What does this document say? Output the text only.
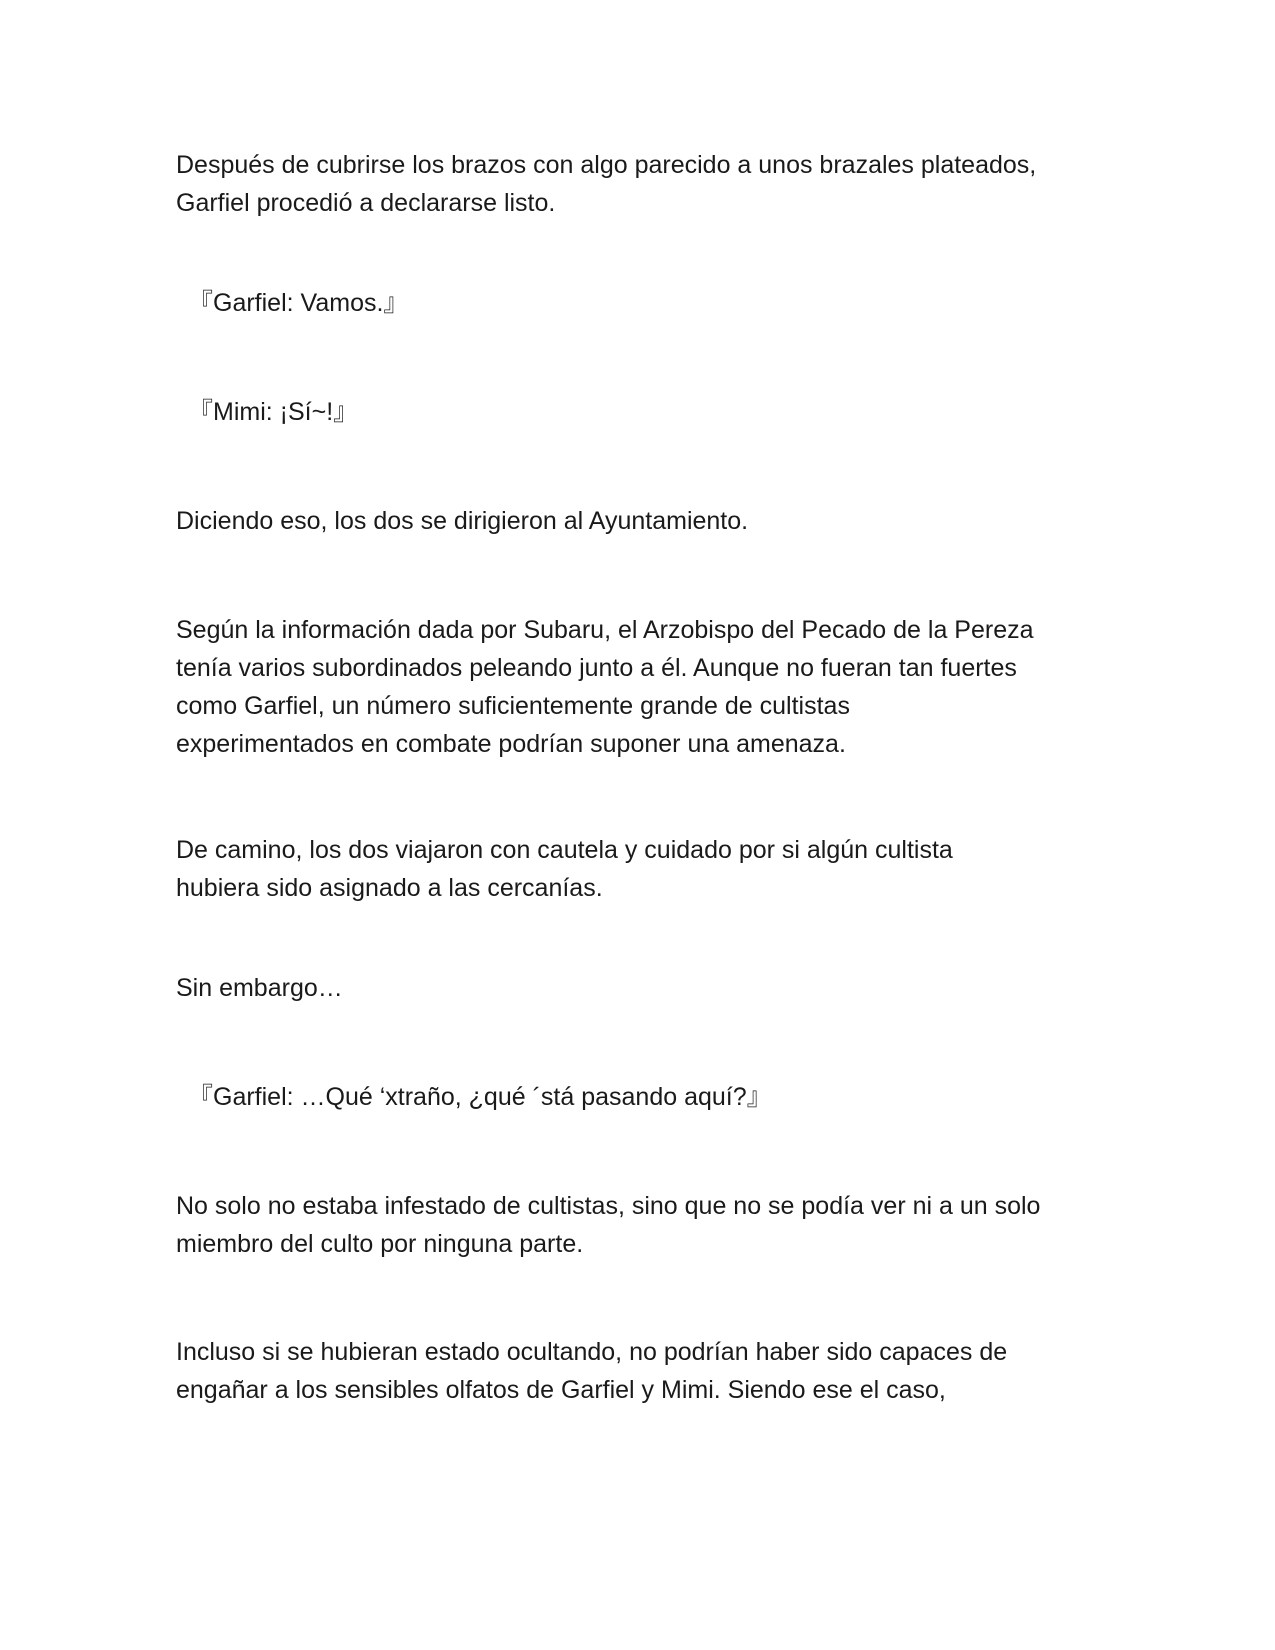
Después de cubrirse los brazos con algo parecido a unos brazales plateados,
Garfiel procedió a declararse listo.

『Garfiel: Vamos.』

『Mimi: ¡Sí~!』

Diciendo eso, los dos se dirigieron al Ayuntamiento.

Según la información dada por Subaru, el Arzobispo del Pecado de la Pereza
tenía varios subordinados peleando junto a él. Aunque no fueran tan fuertes
como Garfiel, un número suficientemente grande de cultistas
experimentados en combate podrían suponer una amenaza.

De camino, los dos viajaron con cautela y cuidado por si algún cultista
hubiera sido asignado a las cercanías.

Sin embargo…

『Garfiel: …Qué ‘xtraño, ¿qué ´stá pasando aquí?』

No solo no estaba infestado de cultistas, sino que no se podía ver ni a un solo
miembro del culto por ninguna parte.

Incluso si se hubieran estado ocultando, no podrían haber sido capaces de
engañar a los sensibles olfatos de Garfiel y Mimi. Siendo ese el caso,
